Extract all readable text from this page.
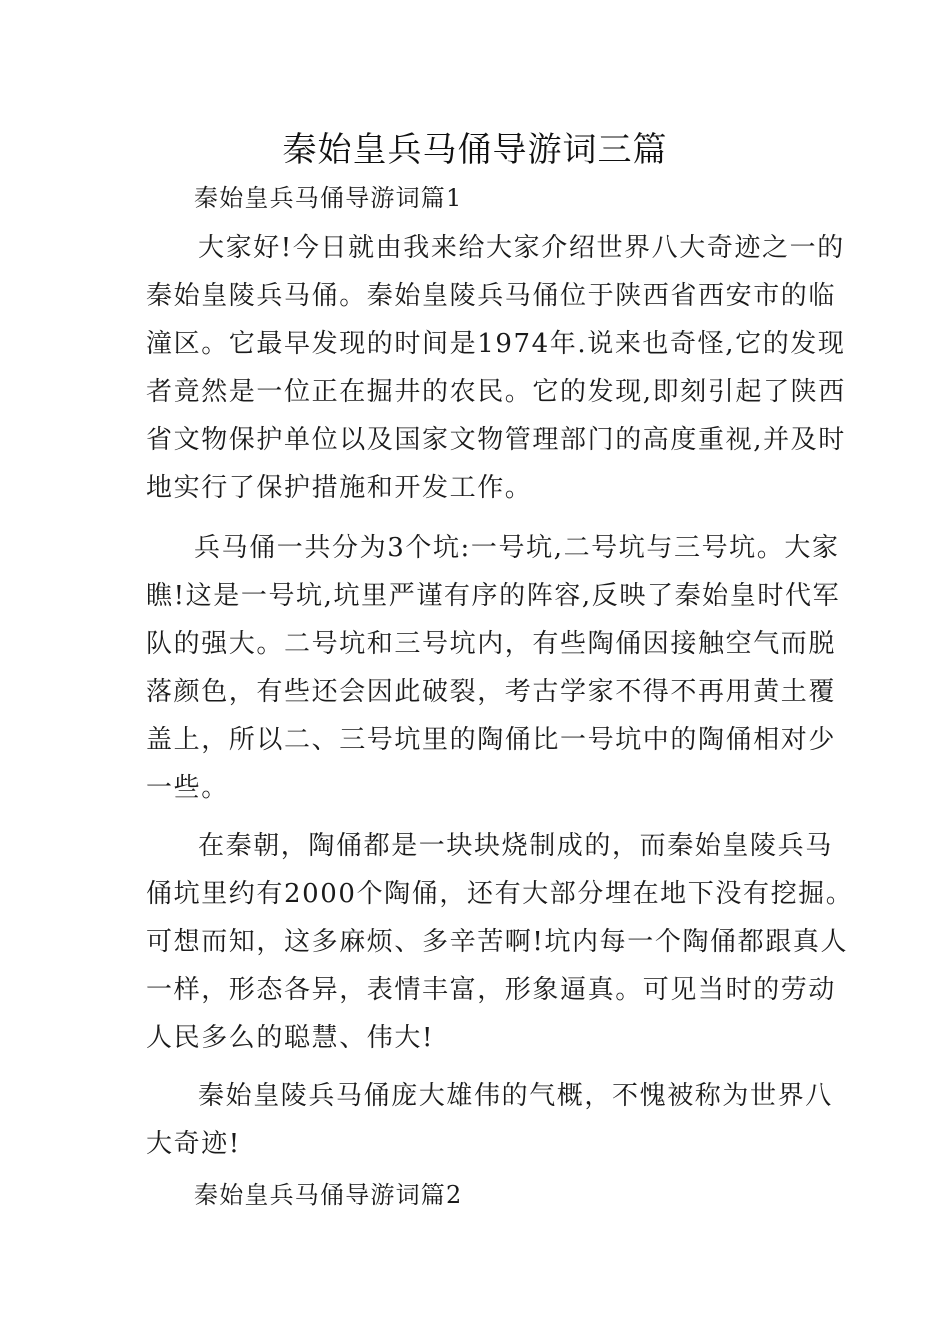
秦始皇兵马俑导游词三篇
秦始皇兵马俑导游词篇1
大家好!今日就由我来给大家介绍世界八大奇迹之一的
秦始皇陵兵马俑。秦始皇陵兵马俑位于陕西省西安市的临
潼区。它最早发现的时间是1974年.说来也奇怪,它的发现
者竟然是一位正在掘井的农民。它的发现,即刻引起了陕西
省文物保护单位以及国家文物管理部门的高度重视,并及时
地实行了保护措施和开发工作。
兵马俑一共分为3个坑:一号坑,二号坑与三号坑。大家
瞧!这是一号坑,坑里严谨有序的阵容,反映了秦始皇时代军
队的强大。二号坑和三号坑内，有些陶俑因接触空气而脱
落颜色，有些还会因此破裂，考古学家不得不再用黄土覆
盖上，所以二、三号坑里的陶俑比一号坑中的陶俑相对少
一些。
在秦朝，陶俑都是一块块烧制成的，而秦始皇陵兵马
俑坑里约有2000个陶俑，还有大部分埋在地下没有挖掘。
可想而知，这多麻烦、多辛苦啊!坑内每一个陶俑都跟真人
一样，形态各异，表情丰富，形象逼真。可见当时的劳动
人民多么的聪慧、伟大!
秦始皇陵兵马俑庞大雄伟的气概，不愧被称为世界八
大奇迹!
秦始皇兵马俑导游词篇2
